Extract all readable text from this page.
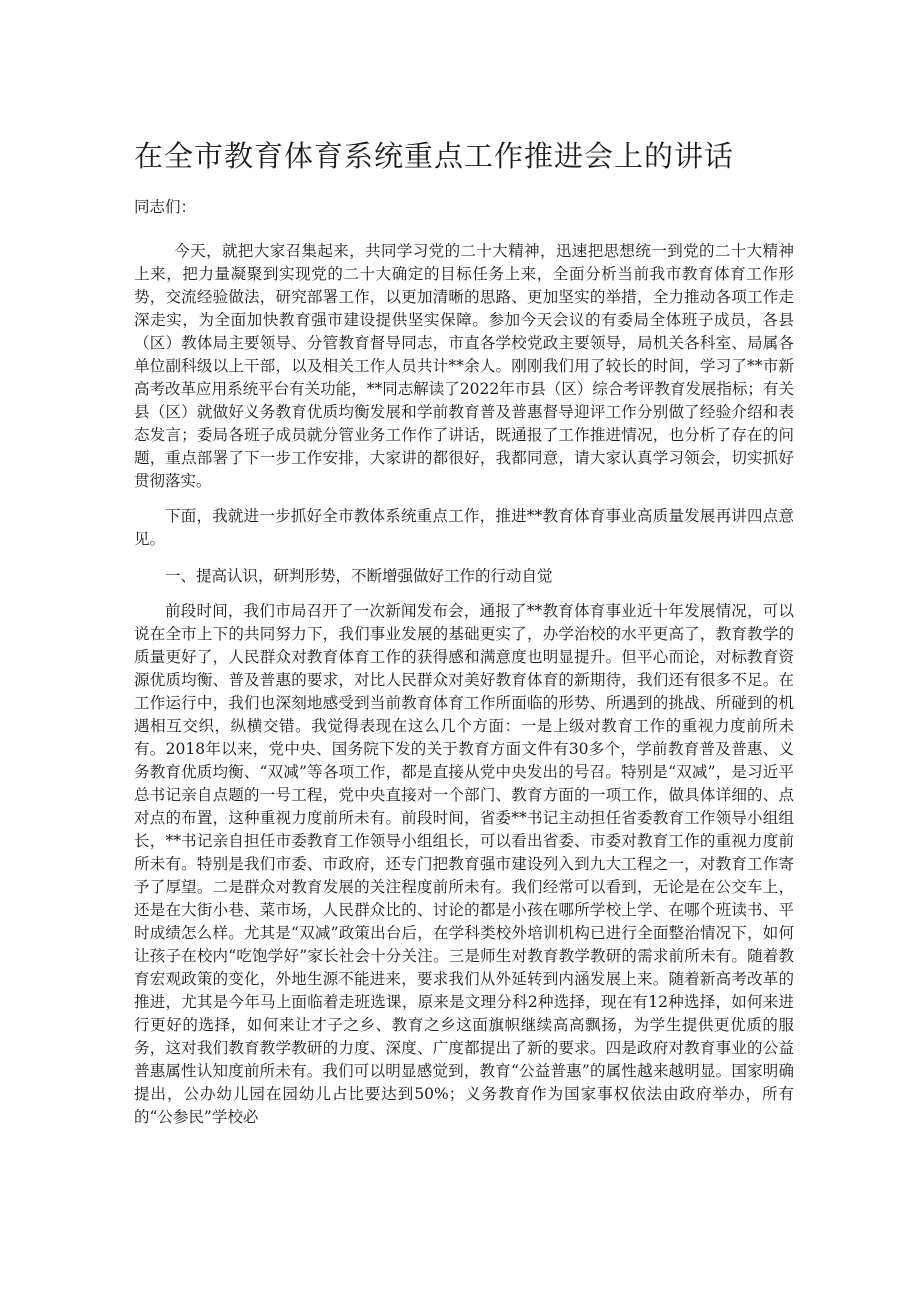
在全市教育体育系统重点工作推进会上的讲话

同志们：

今天，就把大家召集起来，共同学习党的二十大精神，迅速把思想统一到党的二十大精神上来，把力量凝聚到实现党的二十大确定的目标任务上来，全面分析当前我市教育体育工作形势，交流经验做法，研究部署工作，以更加清晰的思路、更加坚实的举措，全力推动各项工作走深走实，为全面加快教育强市建设提供坚实保障。参加今天会议的有委局全体班子成员，各县（区）教体局主要领导、分管教育督导同志，市直各学校党政主要领导，局机关各科室、局属各单位副科级以上干部，以及相关工作人员共计**余人。刚刚我们用了较长的时间，学习了**市新高考改革应用系统平台有关功能，**同志解读了2022年市县（区）综合考评教育发展指标；有关县（区）就做好义务教育优质均衡发展和学前教育普及普惠督导迎评工作分别做了经验介绍和表态发言；委局各班子成员就分管业务工作作了讲话，既通报了工作推进情况，也分析了存在的问题，重点部署了下一步工作安排，大家讲的都很好，我都同意，请大家认真学习领会，切实抓好贯彻落实。

下面，我就进一步抓好全市教体系统重点工作，推进**教育体育事业高质量发展再讲四点意见。

一、提高认识，研判形势，不断增强做好工作的行动自觉

前段时间，我们市局召开了一次新闻发布会，通报了**教育体育事业近十年发展情况，可以说在全市上下的共同努力下，我们事业发展的基础更实了，办学治校的水平更高了，教育教学的质量更好了，人民群众对教育体育工作的获得感和满意度也明显提升。但平心而论，对标教育资源优质均衡、普及普惠的要求，对比人民群众对美好教育体育的新期待，我们还有很多不足。在工作运行中，我们也深刻地感受到当前教育体育工作所面临的形势、所遇到的挑战、所碰到的机遇相互交织，纵横交错。我觉得表现在这么几个方面：一是上级对教育工作的重视力度前所未有。2018年以来，党中央、国务院下发的关于教育方面文件有30多个，学前教育普及普惠、义务教育优质均衡、“双减”等各项工作，都是直接从党中央发出的号召。特别是“双减”，是习近平总书记亲自点题的一号工程，党中央直接对一个部门、教育方面的一项工作，做具体详细的、点对点的布置，这种重视力度前所未有。前段时间，省委**书记主动担任省委教育工作领导小组组长，**书记亲自担任市委教育工作领导小组组长，可以看出省委、市委对教育工作的重视力度前所未有。特别是我们市委、市政府，还专门把教育强市建设列入到九大工程之一，对教育工作寄予了厚望。二是群众对教育发展的关注程度前所未有。我们经常可以看到，无论是在公交车上，还是在大街小巷、菜市场，人民群众比的、讨论的都是小孩在哪所学校上学、在哪个班读书、平时成绩怎么样。尤其是“双减”政策出台后，在学科类校外培训机构已进行全面整治情况下，如何让孩子在校内“吃饱学好”家长社会十分关注。三是师生对教育教学教研的需求前所未有。随着教育宏观政策的变化，外地生源不能进来，要求我们从外延转到内涵发展上来。随着新高考改革的推进，尤其是今年马上面临着走班选课，原来是文理分科2种选择，现在有12种选择，如何来进行更好的选择，如何来让才子之乡、教育之乡这面旗帜继续高高飘扬，为学生提供更优质的服务，这对我们教育教学教研的力度、深度、广度都提出了新的要求。四是政府对教育事业的公益普惠属性认知度前所未有。我们可以明显感觉到，教育“公益普惠”的属性越来越明显。国家明确提出，公办幼儿园在园幼儿占比要达到50%；义务教育作为国家事权依法由政府举办，所有的“公参民”学校必
